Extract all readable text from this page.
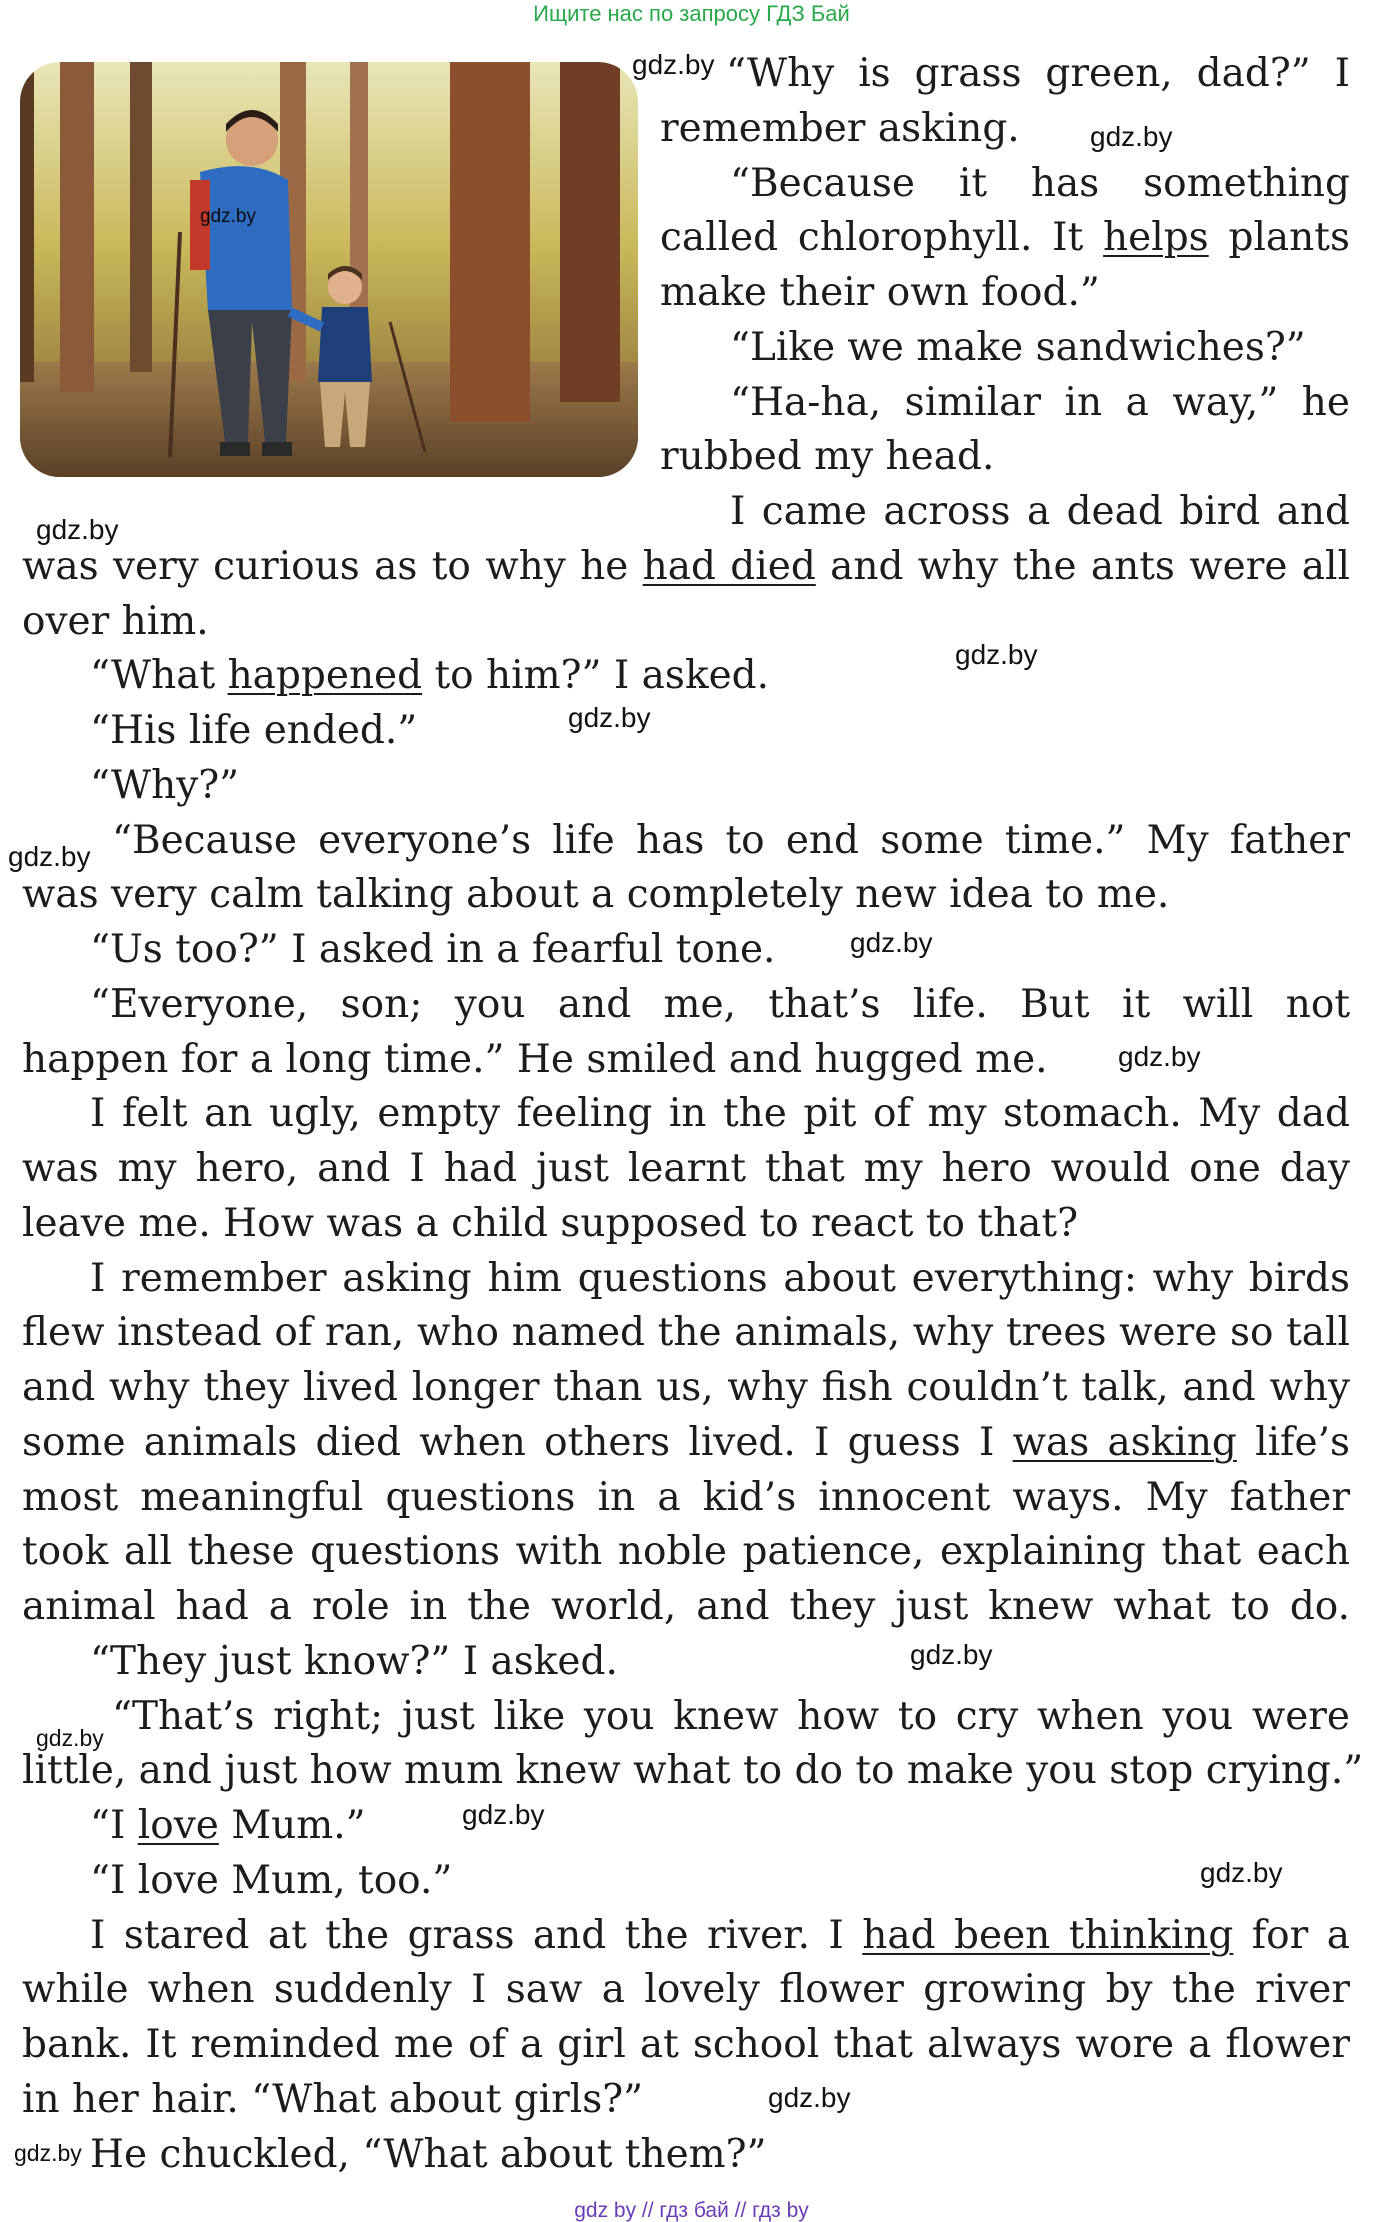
Ищите нас по запросу ГДЗ Бай
gdz.by
“Why is grass green, dad?” I
remember asking.
“Because it has something
called chlorophyll. It helps plants
make their own food.”
“Like we make sandwiches?”
“Ha-ha, similar in a way,” he
rubbed my head.
I came across a dead bird and
was very curious as to why he had died and why the ants were all
over him.
“What happened to him?” I asked.
“His life ended.”
“Why?”
“Because everyone’s life has to end some time.” My father
was very calm talking about a completely new idea to me.
“Us too?” I asked in a fearful tone.
“Everyone, son; you and me, that’s life. But it will not
happen for a long time.” He smiled and hugged me.
I felt an ugly, empty feeling in the pit of my stomach. My dad
was my hero, and I had just learnt that my hero would one day
leave me. How was a child supposed to react to that?
I remember asking him questions about everything: why birds
flew instead of ran, who named the animals, why trees were so tall
and why they lived longer than us, why fish couldn’t talk, and why
some animals died when others lived. I guess I was asking life’s
most meaningful questions in a kid’s innocent ways. My father
took all these questions with noble patience, explaining that each
animal had a role in the world, and they just knew what to do.
“They just know?” I asked.
“That’s right; just like you knew how to cry when you were
little, and just how mum knew what to do to make you stop crying.”
“I love Mum.”
“I love Mum, too.”
I stared at the grass and the river. I had been thinking for a
while when suddenly I saw a lovely flower growing by the river
bank. It reminded me of a girl at school that always wore a flower
in her hair. “What about girls?”
He chuckled, “What about them?”
gdz.by
gdz.by
gdz.by
gdz.by
gdz.by
gdz.by
gdz.by
gdz.by
gdz.by
gdz.by
gdz.by
gdz.by
gdz.by
gdz.by
gdz by // гдз бай // гдз by
